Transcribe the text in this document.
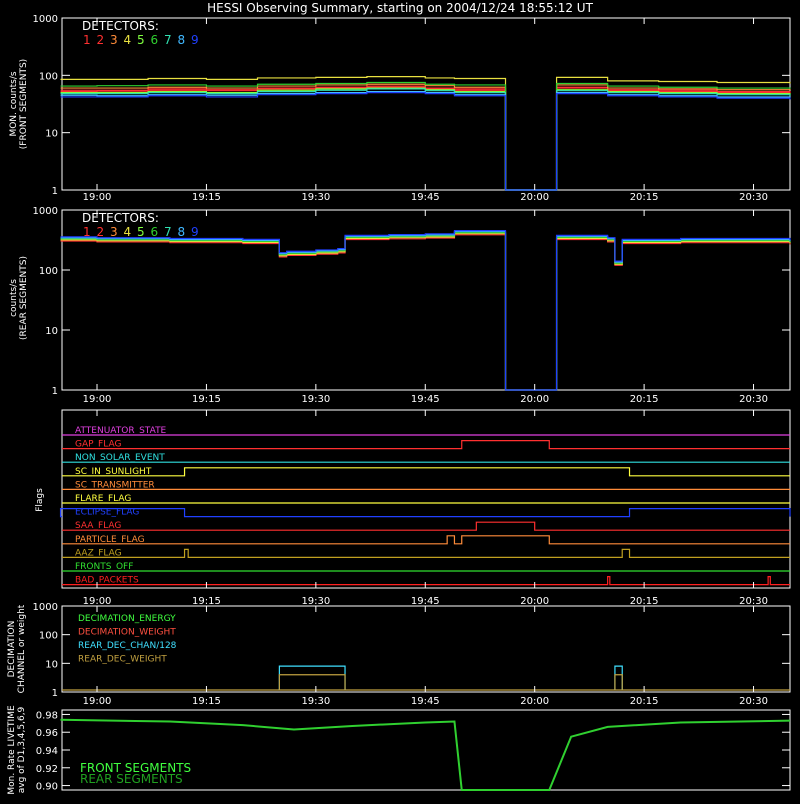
HESSI Observing Summary, starting on 2004/12/24 18:55:12 UT
MON. counts/s (FRONT SEGMENTS)
DETECTORS:
1 2 3 4 5 6 7 8 9
1
10
100
1000
counts/s (REAR SEGMENTS)
DETECTORS:
1 2 3 4 5 6 7 8 9
1
10
100
1000
Flags
ATTENUATOR_STATE
GAP_FLAG
NON_SOLAR_EVENT
SC_IN_SUNLIGHT
SC_TRANSMITTER
FLARE_FLAG
ECLIPSE_FLAG
SAA_FLAG
PARTICLE_FLAG
AAZ_FLAG
FRONTS_OFF
BAD_PACKETS
DECIMATION CHANNEL or weight
1
10
100
1000
DECIMATION_ENERGY
DECIMATION_WEIGHT
REAR_DEC_CHAN/128
REAR_DEC_WEIGHT
Mon. Rate LIVETIME avg of D1,3,4,5,6,9 0.90
0.92
0.94
0.96
0.98
FRONT SEGMENTS
REAR SEGMENTS
19:00	19:15	19:30	19:45	20:00	20:15	20:30
19:00	19:15	19:30	19:45	20:00	20:15	20:30
19:00	19:15	19:30	19:45	20:00	20:15	20:30
19:00	19:15	19:30	19:45	20:00	20:15	20:30
